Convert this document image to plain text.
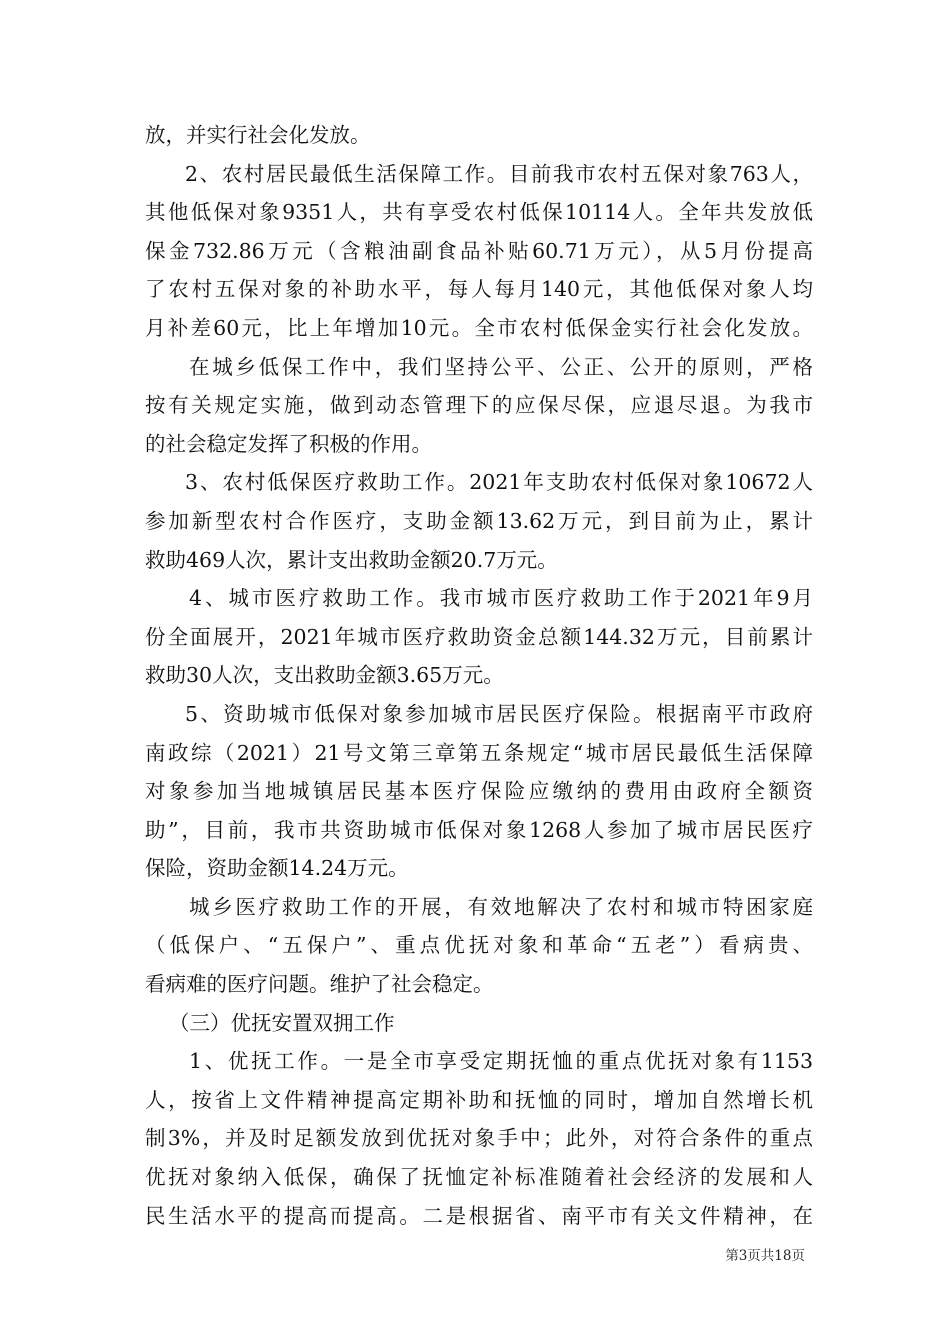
放，并实行社会化发放。
2、农村居民最低生活保障工作。目前我市农村五保对象763人，
其他低保对象9351人，共有享受农村低保10114人。全年共发放低
保金732.86万元（含粮油副食品补贴60.71万元），从5月份提高
了农村五保对象的补助水平，每人每月140元，其他低保对象人均
月补差60元，比上年增加10元。全市农村低保金实行社会化发放。
在城乡低保工作中，我们坚持公平、公正、公开的原则，严格
按有关规定实施，做到动态管理下的应保尽保，应退尽退。为我市
的社会稳定发挥了积极的作用。
3、农村低保医疗救助工作。2021年支助农村低保对象10672人
参加新型农村合作医疗，支助金额13.62万元，到目前为止，累计
救助469人次，累计支出救助金额20.7万元。
4、城市医疗救助工作。我市城市医疗救助工作于2021年9月
份全面展开，2021年城市医疗救助资金总额144.32万元，目前累计
救助30人次，支出救助金额3.65万元。
5、资助城市低保对象参加城市居民医疗保险。根据南平市政府
南政综（2021）21号文第三章第五条规定“城市居民最低生活保障
对象参加当地城镇居民基本医疗保险应缴纳的费用由政府全额资
助”，目前，我市共资助城市低保对象1268人参加了城市居民医疗
保险，资助金额14.24万元。
城乡医疗救助工作的开展，有效地解决了农村和城市特困家庭
（低保户、“五保户”、重点优抚对象和革命“五老”）看病贵、
看病难的医疗问题。维护了社会稳定。
（三）优抚安置双拥工作
1、优抚工作。一是全市享受定期抚恤的重点优抚对象有1153
人，按省上文件精神提高定期补助和抚恤的同时，增加自然增长机
制3%，并及时足额发放到优抚对象手中；此外，对符合条件的重点
优抚对象纳入低保，确保了抚恤定补标准随着社会经济的发展和人
民生活水平的提高而提高。二是根据省、南平市有关文件精神，在
第3页共18页
